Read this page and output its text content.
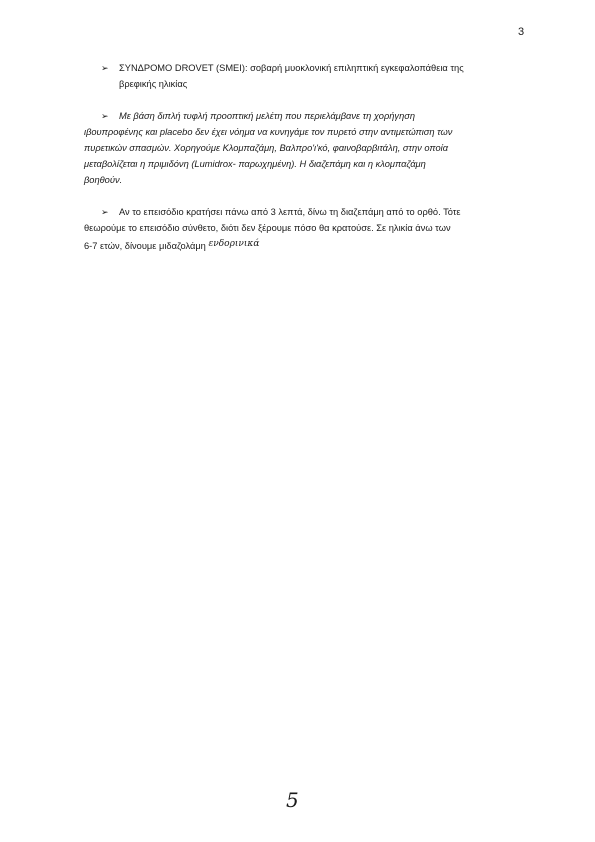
3

➢ ΣΥΝΔΡΟΜΟ DROVET (SMEI): σοβαρή μυοκλονική επιληπτική εγκεφαλοπάθεια της

βρεφικής ηλικίας

➢ Με βάση διπλή τυφλή προοπτική μελέτη που περιελάμβανε τη χορήγηση

ιβουπροφένης και placebo δεν έχει νόημα να κυνηγάμε τον πυρετό στην αντιμετώπιση των

πυρετικών σπασμών. Χορηγούμε Κλομπαζάμη, Βαλπρο'ι'κό, φαινοβαρβιτάλη, στην οποία

μεταβολίζεται η πριμιδόνη (Lumidrox- παρωχημένη). Η διαζεπάμη και η κλομπαζάμη

βοηθούν.

➢ Αν το επεισόδιο κρατήσει πάνω από 3 λεπτά, δίνω τη διαζεπάμη από το ορθό. Τότε

θεωρούμε το επεισόδιο σύνθετο, διότι δεν ξέρουμε πόσο θα κρατούσε. Σε ηλικία άνω των

6-7 ετών, δίνουμε μιδαζολάμη ενδορινικά

5
